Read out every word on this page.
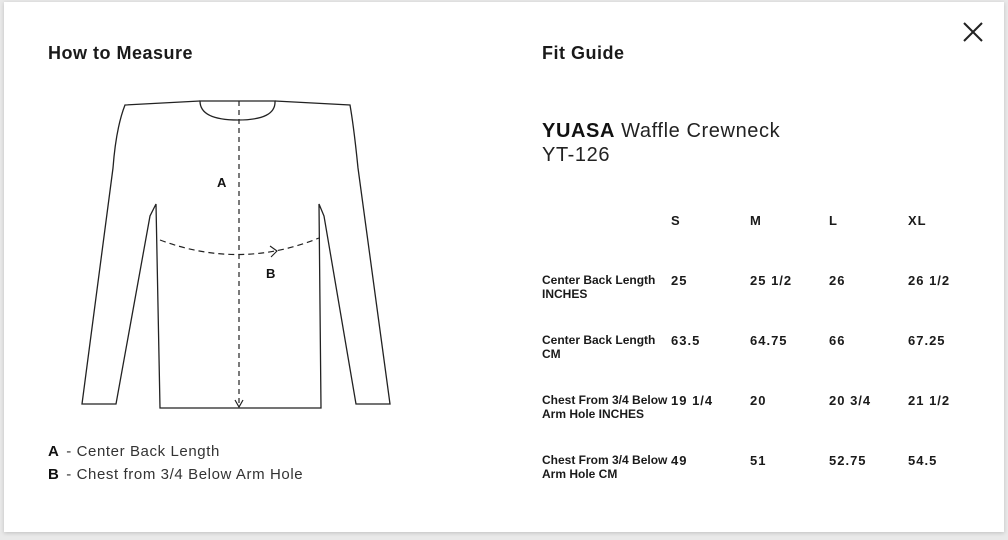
How to Measure
A
B
A - Center Back Length
B - Chest from 3/4 Below Arm Hole
Fit Guide
YUASA Waffle Crewneck
YT-126
	S	M	L	XL
Center Back Length INCHES	25	25 1/2	26	26 1/2
Center Back Length CM	63.5	64.75	66	67.25
Chest From 3/4 Below Arm Hole INCHES	19 1/4	20	20 3/4	21 1/2
Chest From 3/4 Below Arm Hole CM	49	51	52.75	54.5
